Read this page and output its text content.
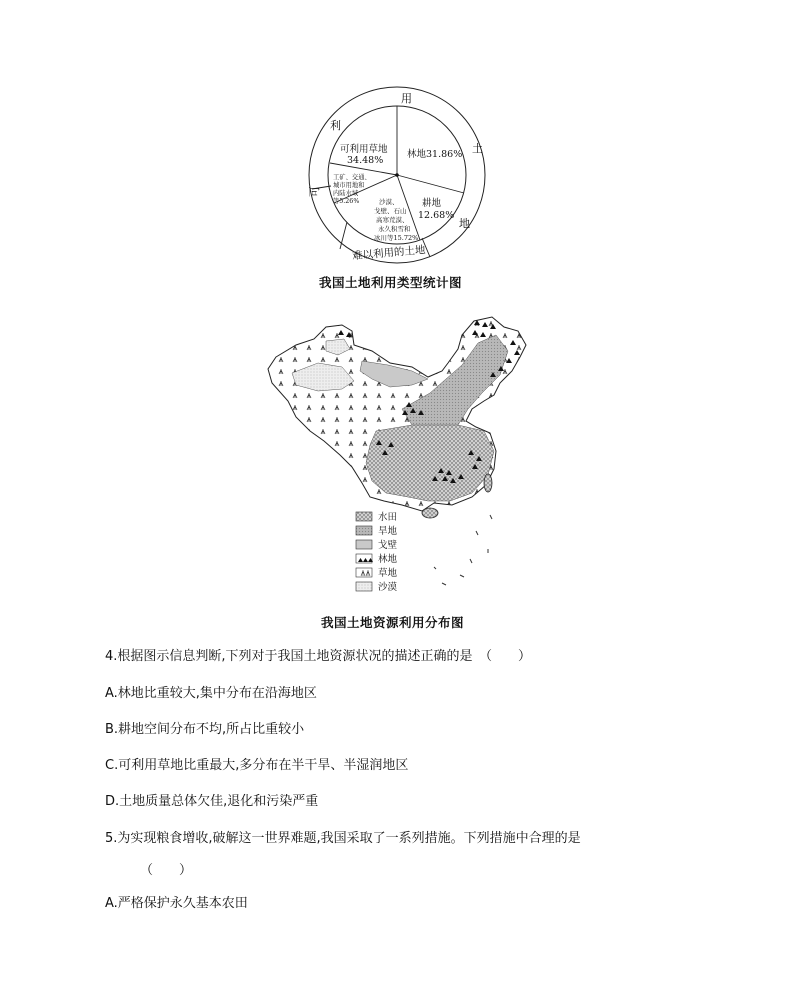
利
用
土
地
可
难以利用的土地
林地31.86%
耕地
12.68%
沙漠、 戈壁、石山 高寒荒漠、 永久积雪和 冰川等15.72%
工矿、交通、 城市用地和 内陆水域 等5.26%
可利用草地
34.48%
我国土地利用类型统计图
水田
旱地
戈壁
林地
草地
沙漠
我国土地资源利用分布图
4.根据图示信息判断,下列对于我国土地资源状况的描述正确的是　（　　）
A.林地比重较大,集中分布在沿海地区
B.耕地空间分布不均,所占比重较小
C.可利用草地比重最大,多分布在半干旱、半湿润地区
D.土地质量总体欠佳,退化和污染严重
5.为实现粮食增收,破解这一世界难题,我国采取了一系列措施。下列措施中合理的是
（　　）
A.严格保护永久基本农田
